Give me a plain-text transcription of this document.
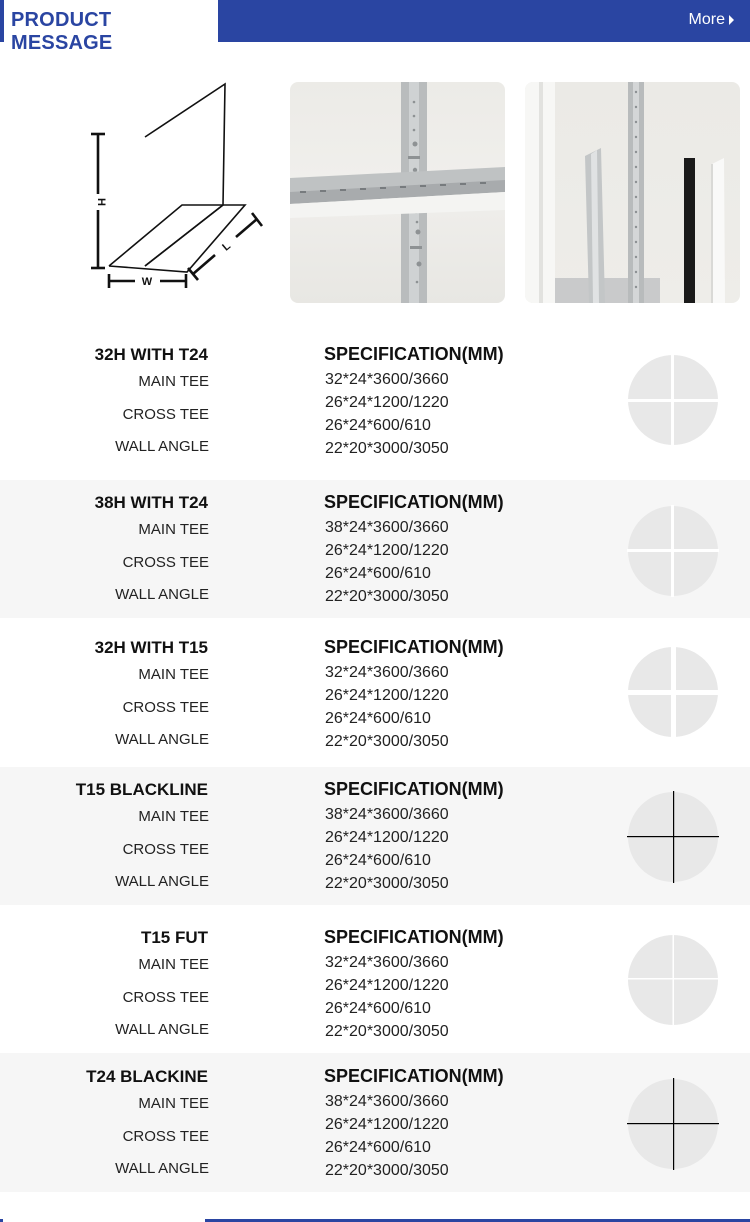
PRODUCT MESSAGE
More
H
W
L
32H WITH T24
MAIN TEE
CROSS TEE
WALL ANGLE
SPECIFICATION(MM)
32*24*3600/3660
26*24*1200/1220
26*24*600/610
22*20*3000/3050
38H WITH T24
MAIN TEE
CROSS TEE
WALL ANGLE
SPECIFICATION(MM)
38*24*3600/3660
26*24*1200/1220
26*24*600/610
22*20*3000/3050
32H WITH T15
MAIN TEE
CROSS TEE
WALL ANGLE
SPECIFICATION(MM)
32*24*3600/3660
26*24*1200/1220
26*24*600/610
22*20*3000/3050
T15 BLACKLINE
MAIN TEE
CROSS TEE
WALL ANGLE
SPECIFICATION(MM)
38*24*3600/3660
26*24*1200/1220
26*24*600/610
22*20*3000/3050
T15 FUT
MAIN TEE
CROSS TEE
WALL ANGLE
SPECIFICATION(MM)
32*24*3600/3660
26*24*1200/1220
26*24*600/610
22*20*3000/3050
T24 BLACKINE
MAIN TEE
CROSS TEE
WALL ANGLE
SPECIFICATION(MM)
38*24*3600/3660
26*24*1200/1220
26*24*600/610
22*20*3000/3050
